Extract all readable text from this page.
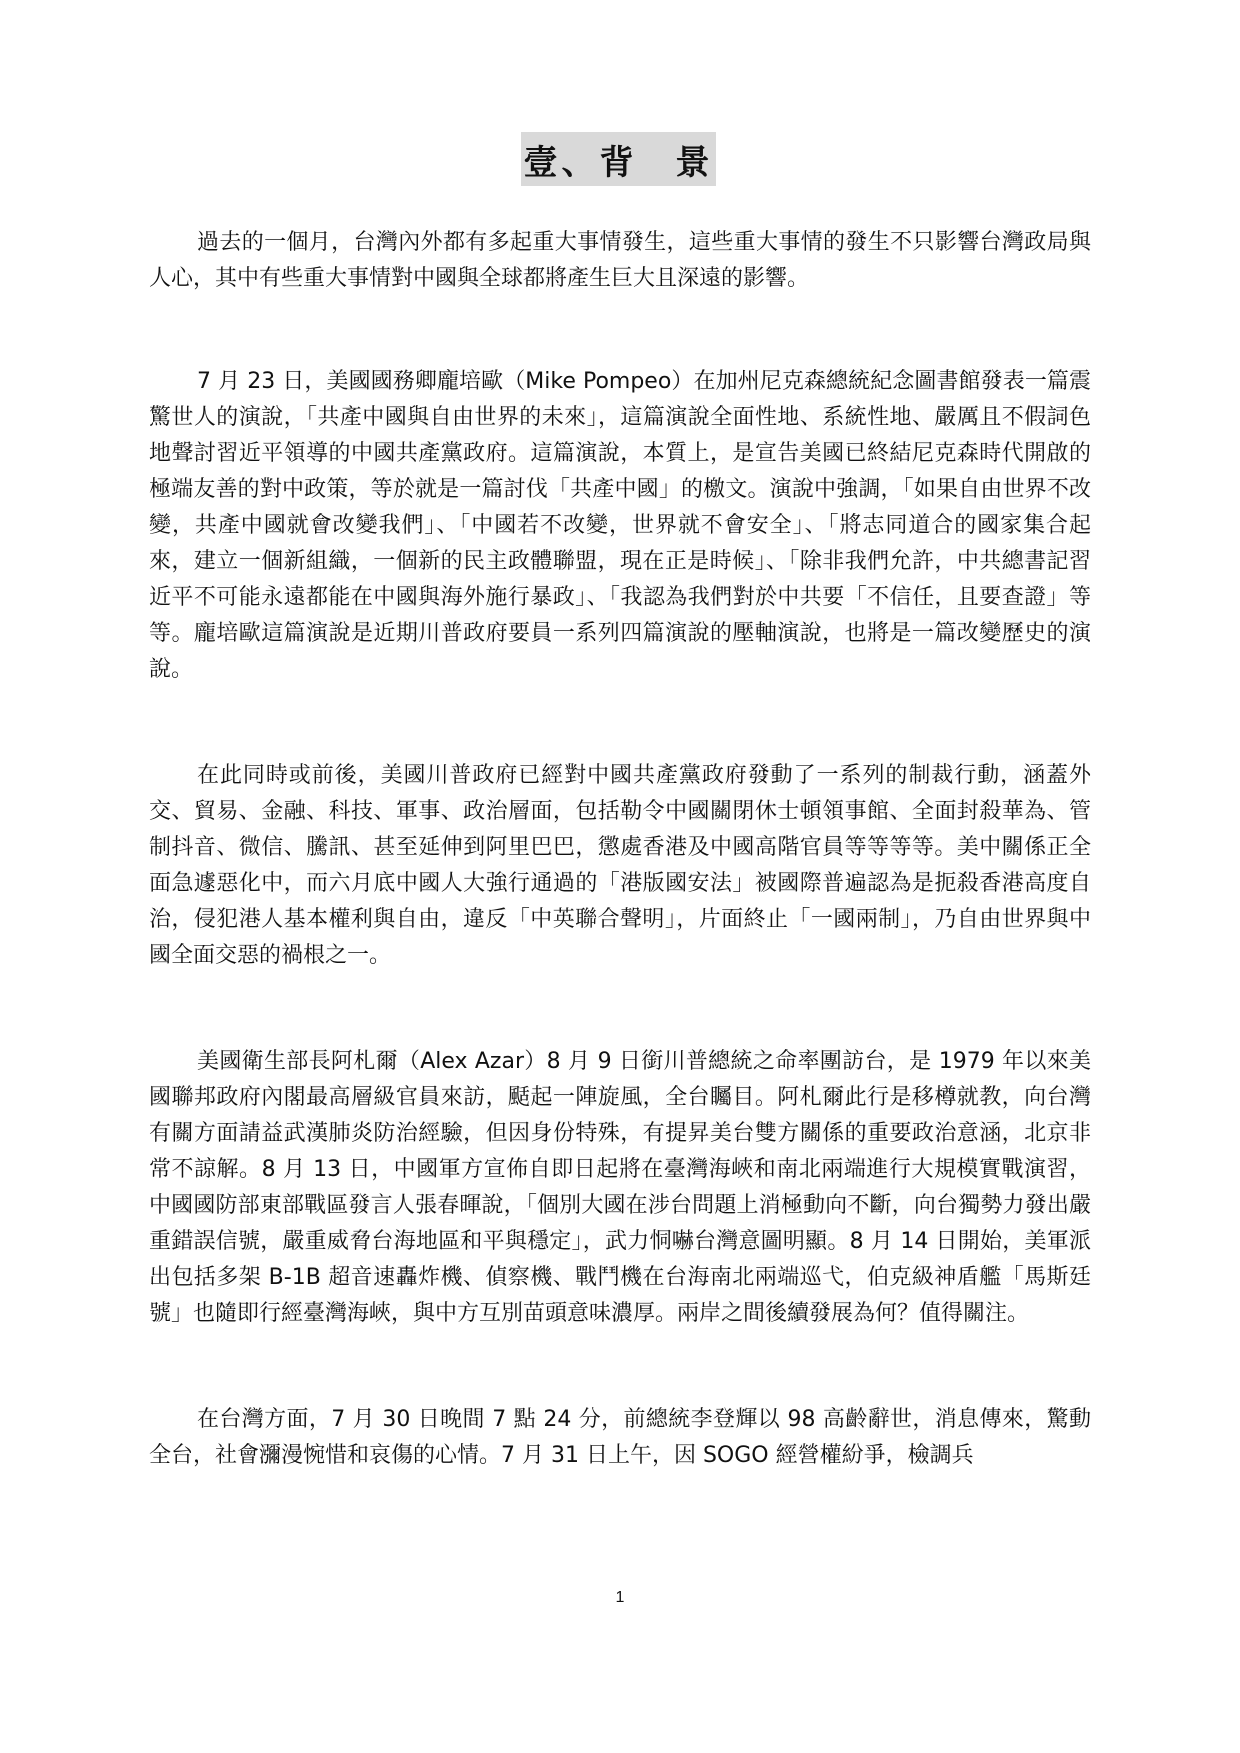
壹、背　景

過去的一個月，台灣內外都有多起重大事情發生，這些重大事情的發生不只影響台灣政局與人心，其中有些重大事情對中國與全球都將產生巨大且深遠的影響。

7 月 23 日，美國國務卿龐培歐（Mike Pompeo）在加州尼克森總統紀念圖書館發表一篇震驚世人的演說，「共產中國與自由世界的未來」，這篇演說全面性地、系統性地、嚴厲且不假詞色地聲討習近平領導的中國共產黨政府。這篇演說，本質上，是宣告美國已終結尼克森時代開啟的極端友善的對中政策，等於就是一篇討伐「共產中國」的檄文。演說中強調，「如果自由世界不改變，共產中國就會改變我們」、「中國若不改變，世界就不會安全」、「將志同道合的國家集合起來，建立一個新組織，一個新的民主政體聯盟，現在正是時候」、「除非我們允許，中共總書記習近平不可能永遠都能在中國與海外施行暴政」、「我認為我們對於中共要「不信任，且要查證」等等。龐培歐這篇演說是近期川普政府要員一系列四篇演說的壓軸演說，也將是一篇改變歷史的演說。

在此同時或前後，美國川普政府已經對中國共產黨政府發動了一系列的制裁行動，涵蓋外交、貿易、金融、科技、軍事、政治層面，包括勒令中國關閉休士頓領事館、全面封殺華為、管制抖音、微信、騰訊、甚至延伸到阿里巴巴，懲處香港及中國高階官員等等等等。美中關係正全面急遽惡化中，而六月底中國人大強行通過的「港版國安法」被國際普遍認為是扼殺香港高度自治，侵犯港人基本權利與自由，違反「中英聯合聲明」，片面終止「一國兩制」，乃自由世界與中國全面交惡的禍根之一。

美國衛生部長阿札爾（Alex Azar）8 月 9 日銜川普總統之命率團訪台，是 1979 年以來美國聯邦政府內閣最高層級官員來訪，颳起一陣旋風，全台矚目。阿札爾此行是移樽就教，向台灣有關方面請益武漢肺炎防治經驗，但因身份特殊，有提昇美台雙方關係的重要政治意涵，北京非常不諒解。8 月 13 日，中國軍方宣佈自即日起將在臺灣海峽和南北兩端進行大規模實戰演習，中國國防部東部戰區發言人張春暉說，「個別大國在涉台問題上消極動向不斷，向台獨勢力發出嚴重錯誤信號，嚴重威脅台海地區和平與穩定」，武力恫嚇台灣意圖明顯。8 月 14 日開始，美軍派出包括多架 B-1B 超音速轟炸機、偵察機、戰鬥機在台海南北兩端巡弋，伯克級神盾艦「馬斯廷號」也隨即行經臺灣海峽，與中方互別苗頭意味濃厚。兩岸之間後續發展為何？值得關注。

在台灣方面，7 月 30 日晚間 7 點 24 分，前總統李登輝以 98 高齡辭世，消息傳來，驚動全台，社會瀰漫惋惜和哀傷的心情。7 月 31 日上午，因 SOGO 經營權紛爭，檢調兵

1
